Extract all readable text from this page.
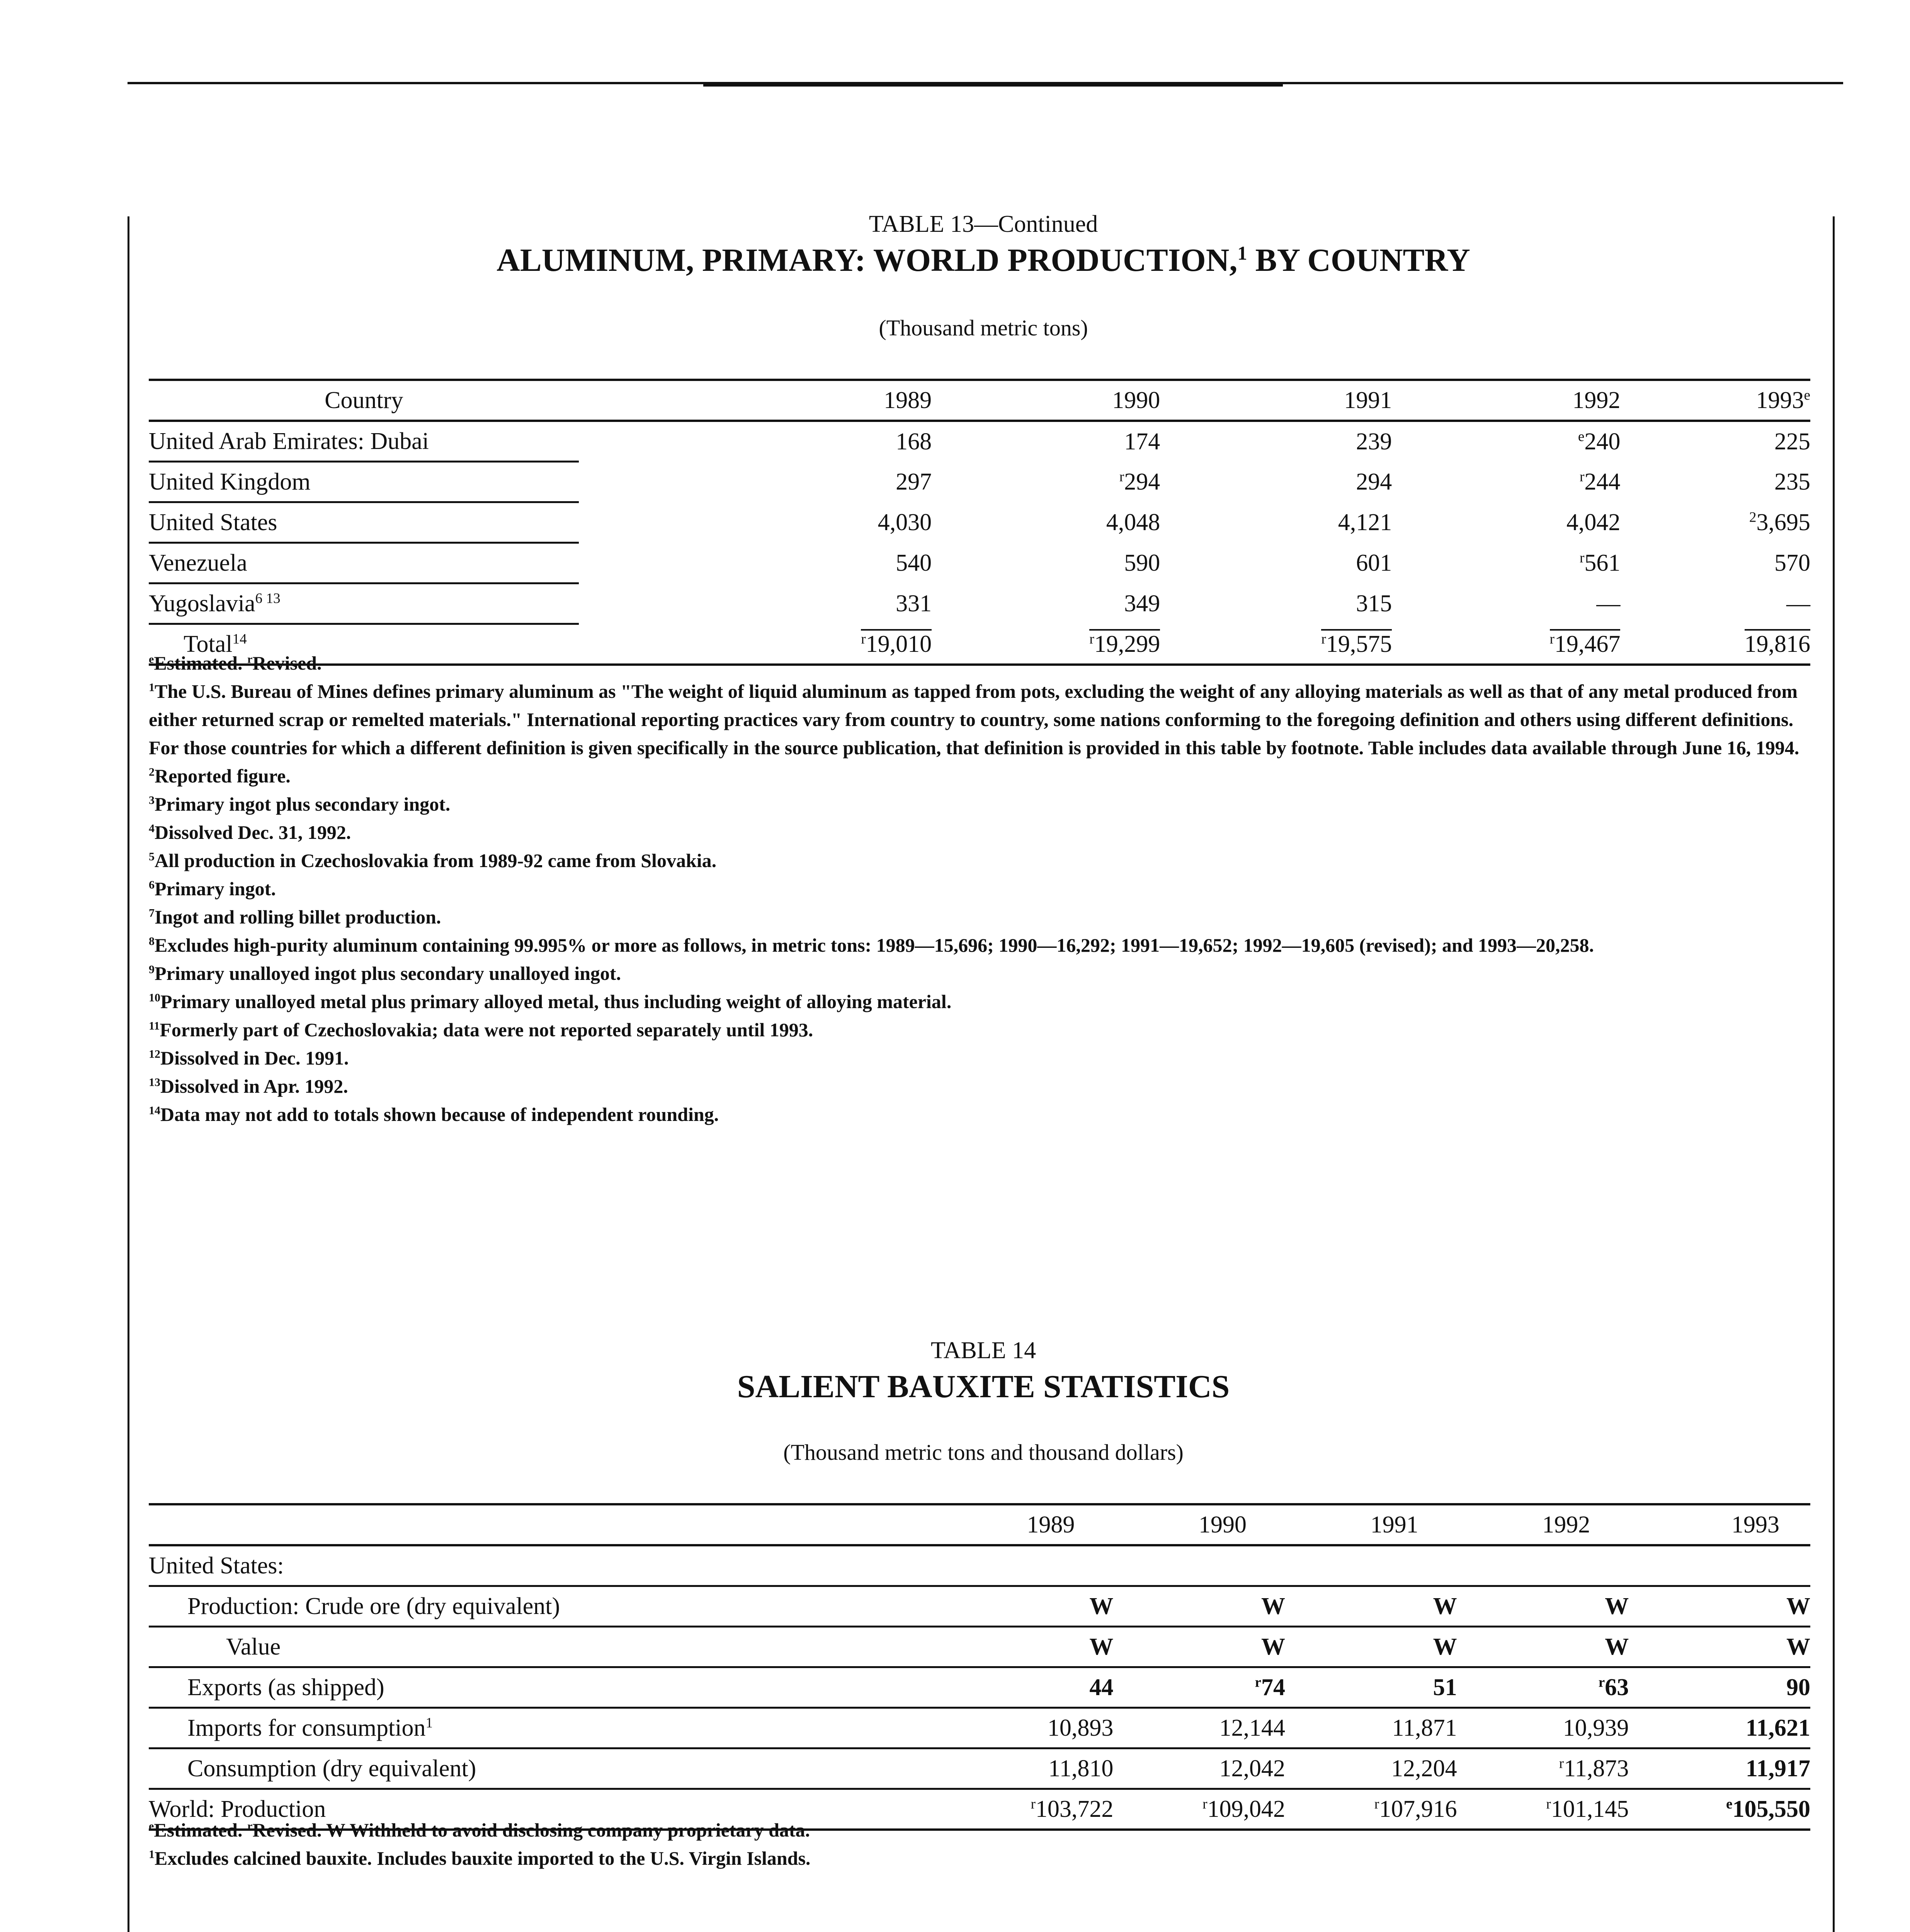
TABLE 13—Continued
ALUMINUM, PRIMARY: WORLD PRODUCTION,$^1$ BY COUNTRY
(Thousand metric tons)
Country	1989	1990	1991	1992	1993e
United Arab Emirates: Dubai	168	174	239	$^e$240	225
United Kingdom	297	$^r$294	294	$^r$244	235
United States	4,030	4,048	4,121	4,042	$^2$3,695
Venezuela	540	590	601	$^r$561	570
Yugoslavia$^{6 13}$	331	349	315	—	—
Total$^{14}$	$^r$19,010	$^r$19,299	$^r$19,575	$^r$19,467	19,816
$^e$Estimated. $^r$Revised.
$^1$The U.S. Bureau of Mines defines primary aluminum as "The weight of liquid aluminum as tapped from pots, excluding the weight of any alloying materials as well as that of any metal produced from either returned scrap or remelted materials." International reporting practices vary from country to country, some nations conforming to the foregoing definition and others using different definitions. For those countries for which a different definition is given specifically in the source publication, that definition is provided in this table by footnote. Table includes data available through June 16, 1994.
$^2$Reported figure.
$^3$Primary ingot plus secondary ingot.
$^4$Dissolved Dec. 31, 1992.
$^5$All production in Czechoslovakia from 1989-92 came from Slovakia.
$^6$Primary ingot.
$^7$Ingot and rolling billet production.
$^8$Excludes high-purity aluminum containing 99.995% or more as follows, in metric tons: 1989—15,696; 1990—16,292; 1991—19,652; 1992—19,605 (revised); and 1993—20,258.
$^9$Primary unalloyed ingot plus secondary unalloyed ingot.
$^{10}$Primary unalloyed metal plus primary alloyed metal, thus including weight of alloying material.
$^{11}$Formerly part of Czechoslovakia; data were not reported separately until 1993.
$^{12}$Dissolved in Dec. 1991.
$^{13}$Dissolved in Apr. 1992.
$^{14}$Data may not add to totals shown because of independent rounding.
TABLE 14
SALIENT BAUXITE STATISTICS
(Thousand metric tons and thousand dollars)
	1989	1990	1991	1992	1993
United States:					
Production: Crude ore (dry equivalent)	W	W	W	W	W
Value	W	W	W	W	W
Exports (as shipped)	44	$^r$74	51	$^r$63	90
Imports for consumption$^1$	10,893	12,144	11,871	10,939	11,621
Consumption (dry equivalent)	11,810	12,042	12,204	$^r$11,873	11,917
World: Production	$^r$103,722	$^r$109,042	$^r$107,916	$^r$101,145	$^e$105,550
$^e$Estimated. $^r$Revised. W Withheld to avoid disclosing company proprietary data.
$^1$Excludes calcined bauxite. Includes bauxite imported to the U.S. Virgin Islands.
